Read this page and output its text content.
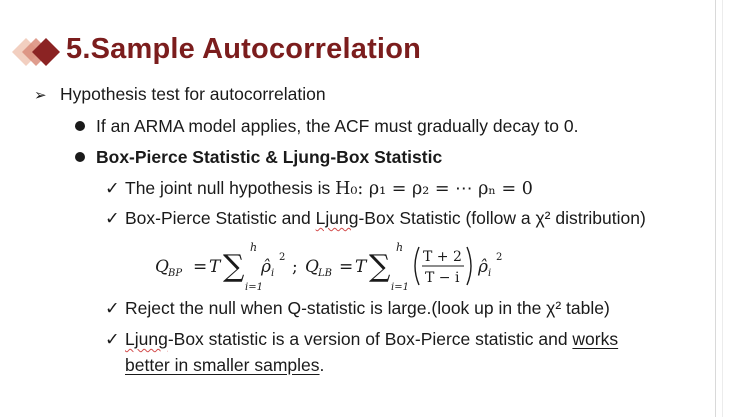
5.Sample Autocorrelation
➢ Hypothesis test for autocorrelation
If an ARMA model applies, the ACF must gradually decay to 0.
Box-Pierce Statistic & Ljung-Box Statistic
✓ The joint null hypothesis is H₀: ρ₁ = ρ₂ = ⋯ ρₙ = 0
✓ Box-Pierce Statistic and Ljung-Box Statistic (follow a χ² distribution)
Q BP = T ∑
h
i=1
ρ̂ i
2 ; Q LB = T ∑
h
i=1
T + 2
T − i
ρ̂ i
2
✓ Reject the null when Q-statistic is large.(look up in the χ² table)
✓ Ljung-Box statistic is a version of Box-Pierce statistic and works
better in smaller samples.
